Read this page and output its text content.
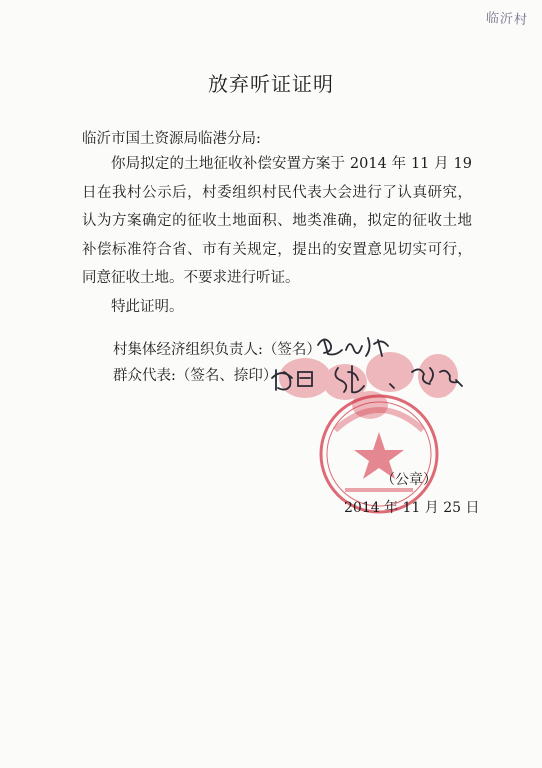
临沂村
放弃听证证明
临沂市国土资源局临港分局:

你局拟定的土地征收补偿安置方案于 2014 年 11 月 19 日在我村公示后，村委组织村民代表大会进行了认真研究，认为方案确定的征收土地面积、地类准确，拟定的征收土地补偿标准符合省、市有关规定，提出的安置意见切实可行，同意征收土地。不要求进行听证。

特此证明。

村集体经济组织负责人:（签名）
群众代表:（签名、捺印）
（公章）
2014 年 11 月 25 日
